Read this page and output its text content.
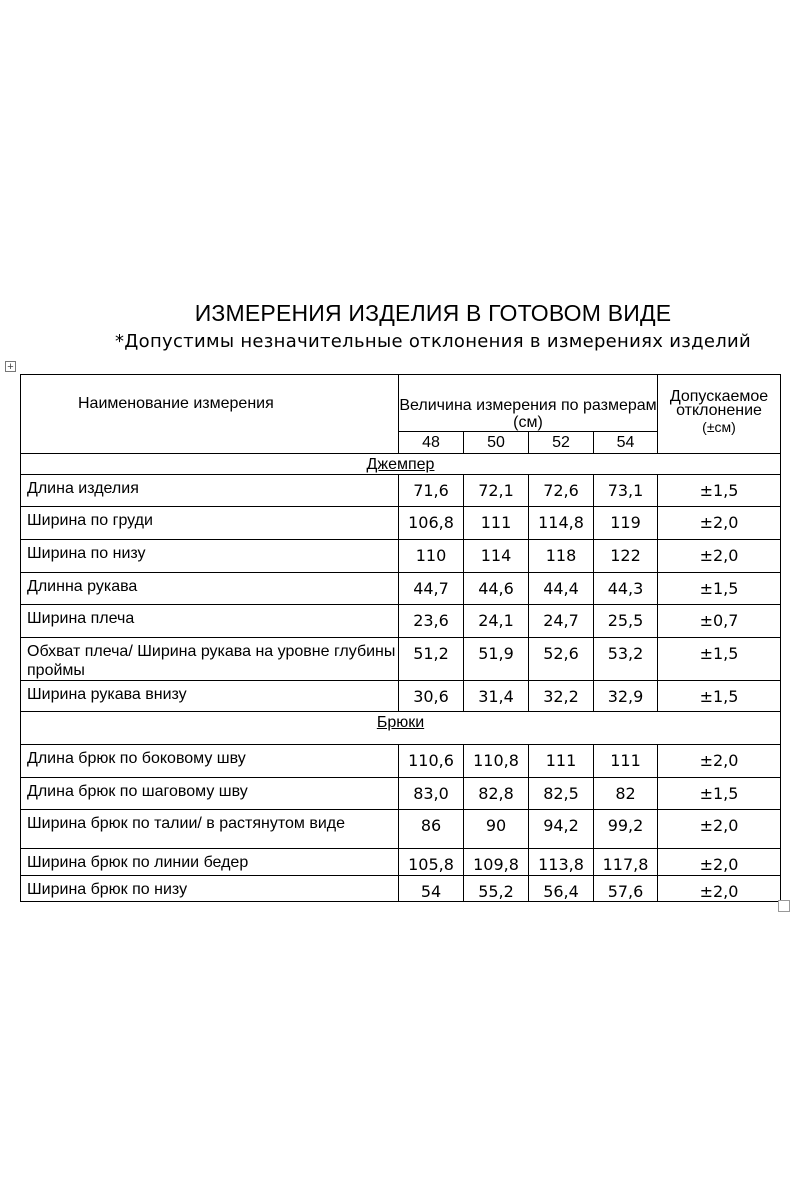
ИЗМЕРЕНИЯ ИЗДЕЛИЯ В ГОТОВОМ ВИДЕ
*Допустимы незначительные отклонения в измерениях изделий
+
Наименование измерения	Величина измерения по размерам (см)				Допускаемое отклонение
(±см)

	48	50	52	54	
Джемпер					
Длина изделия	71,6	72,1	72,6	73,1	±1,5
Ширина по груди	106,8	111	114,8	119	±2,0
Ширина по низу	110	114	118	122	±2,0
Длинна рукава	44,7	44,6	44,4	44,3	±1,5
Ширина плеча	23,6	24,1	24,7	25,5	±0,7
Обхват плеча/ Ширина рукава на уровне глубины проймы	51,2	51,9	52,6	53,2	±1,5
Ширина рукава внизу	30,6	31,4	32,2	32,9	±1,5
Брюки					
Длина брюк по боковому шву	110,6	110,8	111	111	±2,0
Длина брюк по шаговому шву	83,0	82,8	82,5	82	±1,5
Ширина брюк по талии/ в растянутом виде	86	90	94,2	99,2	±2,0
Ширина брюк по линии бедер	105,8	109,8	113,8	117,8	±2,0
Ширина брюк по низу	54	55,2	56,4	57,6	±2,0
